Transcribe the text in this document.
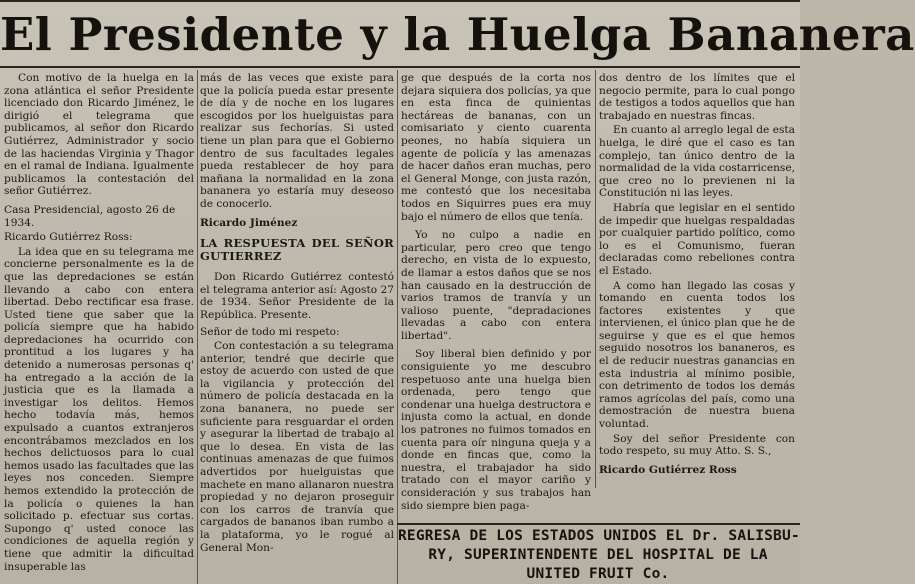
El Presidente y la Huelga Bananera

Con motivo de la huelga en la zona atlántica el señor Presidente licenciado don Ricardo Jiménez, le dirigió el telegrama que publicamos, al señor don Ricardo Gutiérrez, Administrador y socio de las haciendas Virginia y Thagor en el ramal de Indiana. Igualmente publicamos la contestación del señor Gutiérrez.

Casa Presidencial, agosto 26 de 1934.

Ricardo Gutiérrez Ross:

La idea que en su telegrama me concierne personalmente es la de que las depredaciones se están llevando a cabo con entera libertad. Debo rectificar esa frase. Usted tiene que saber que la policía siempre que ha habido depredaciones ha ocurrido con prontitud a los lugares y ha detenido a numerosas personas q' ha entregado a la acción de la justicia que es la llamada a investigar los delitos. Hemos hecho todavía más, hemos expulsado a cuantos extranjeros encontrábamos mezclados en los hechos delictuosos para lo cual hemos usado las facultades que las leyes nos conceden. Siempre hemos extendido la protección de la policía o quienes la han solicitado p. efectuar sus cortas. Supongo q' usted conoce las condiciones de aquella región y tiene que admitir la dificultad insuperable las

más de las veces que existe para que la policía pueda estar presente de día y de noche en los lugares escogidos por los huelguistas para realizar sus fechorías. Si usted tiene un plan para que el Gobierno dentro de sus facultades legales pueda restablecer de hoy para mañana la normalidad en la zona bananera yo estaría muy deseoso de conocerlo.

Ricardo Jiménez

LA RESPUESTA DEL SEÑOR GUTIERREZ

Don Ricardo Gutiérrez contestó el telegrama anterior así: Agosto 27 de 1934. Señor Presidente de la República. Presente.

Señor de todo mi respeto:

Con contestación a su telegrama anterior, tendré que decirle que estoy de acuerdo con usted de que la vigilancia y protección del número de policía destacada en la zona bananera, no puede ser suficiente para resguardar el orden y asegurar la libertad de trabajo al que lo desea. En vista de las continuas amenazas de que fuimos advertidos por huelguistas que machete en mano allanaron nuestra propiedad y no dejaron proseguir con los carros de tranvía que cargados de bananos iban rumbo a la plataforma, yo le rogué al General Mon-

ge que después de la corta nos dejara siquiera dos policías, ya que en esta finca de quinientas hectáreas de bananas, con un comisariato y ciento cuarenta peones, no había siquiera un agente de policía y las amenazas de hacer daños eran muchas, pero el General Monge, con justa razón, me contestó que los necesitaba todos en Siquirres pues era muy bajo el número de ellos que tenía.

Yo no culpo a nadie en particular, pero creo que tengo derecho, en vista de lo expuesto, de llamar a estos daños que se nos han causado en la destrucción de varios tramos de tranvía y un valioso puente, "depradaciones llevadas a cabo con entera libertad".

Soy liberal bien definido y por consiguiente yo me descubro respetuoso ante una huelga bien ordenada, pero tengo que condenar una huelga destructora e injusta como la actual, en donde los patrones no fuimos tomados en cuenta para oír ninguna queja y a donde en fincas que, como la nuestra, el trabajador ha sido tratado con el mayor cariño y consideración y sus trabajos han sido siempre bien paga-

dos dentro de los límites que el negocio permite, para lo cual pongo de testigos a todos aquellos que han trabajado en nuestras fincas.

En cuanto al arreglo legal de esta huelga, le diré que el caso es tan complejo, tan único dentro de la normalidad de la vida costarricense, que creo no lo previenen ni la Constitución ni las leyes.

Habría que legislar en el sentido de impedir que huelgas respaldadas por cualquier partido político, como lo es el Comunismo, fueran declaradas como rebeliones contra el Estado.

A como han llegado las cosas y tomando en cuenta todos los factores existentes y que intervienen, el único plan que he de seguirse y que es el que hemos seguido nosotros los bananeros, es el de reducir nuestras ganancias en esta industria al mínimo posible, con detrimento de todos los demás ramos agrícolas del país, como una demostración de nuestra buena voluntad.

Soy del señor Presidente con todo respeto, su muy Atto. S. S.,

Ricardo Gutiérrez Ross

REGRESA DE LOS ESTADOS UNIDOS EL Dr. SALISBU-
RY, SUPERINTENDENTE DEL HOSPITAL DE LA
UNITED FRUIT Co.
